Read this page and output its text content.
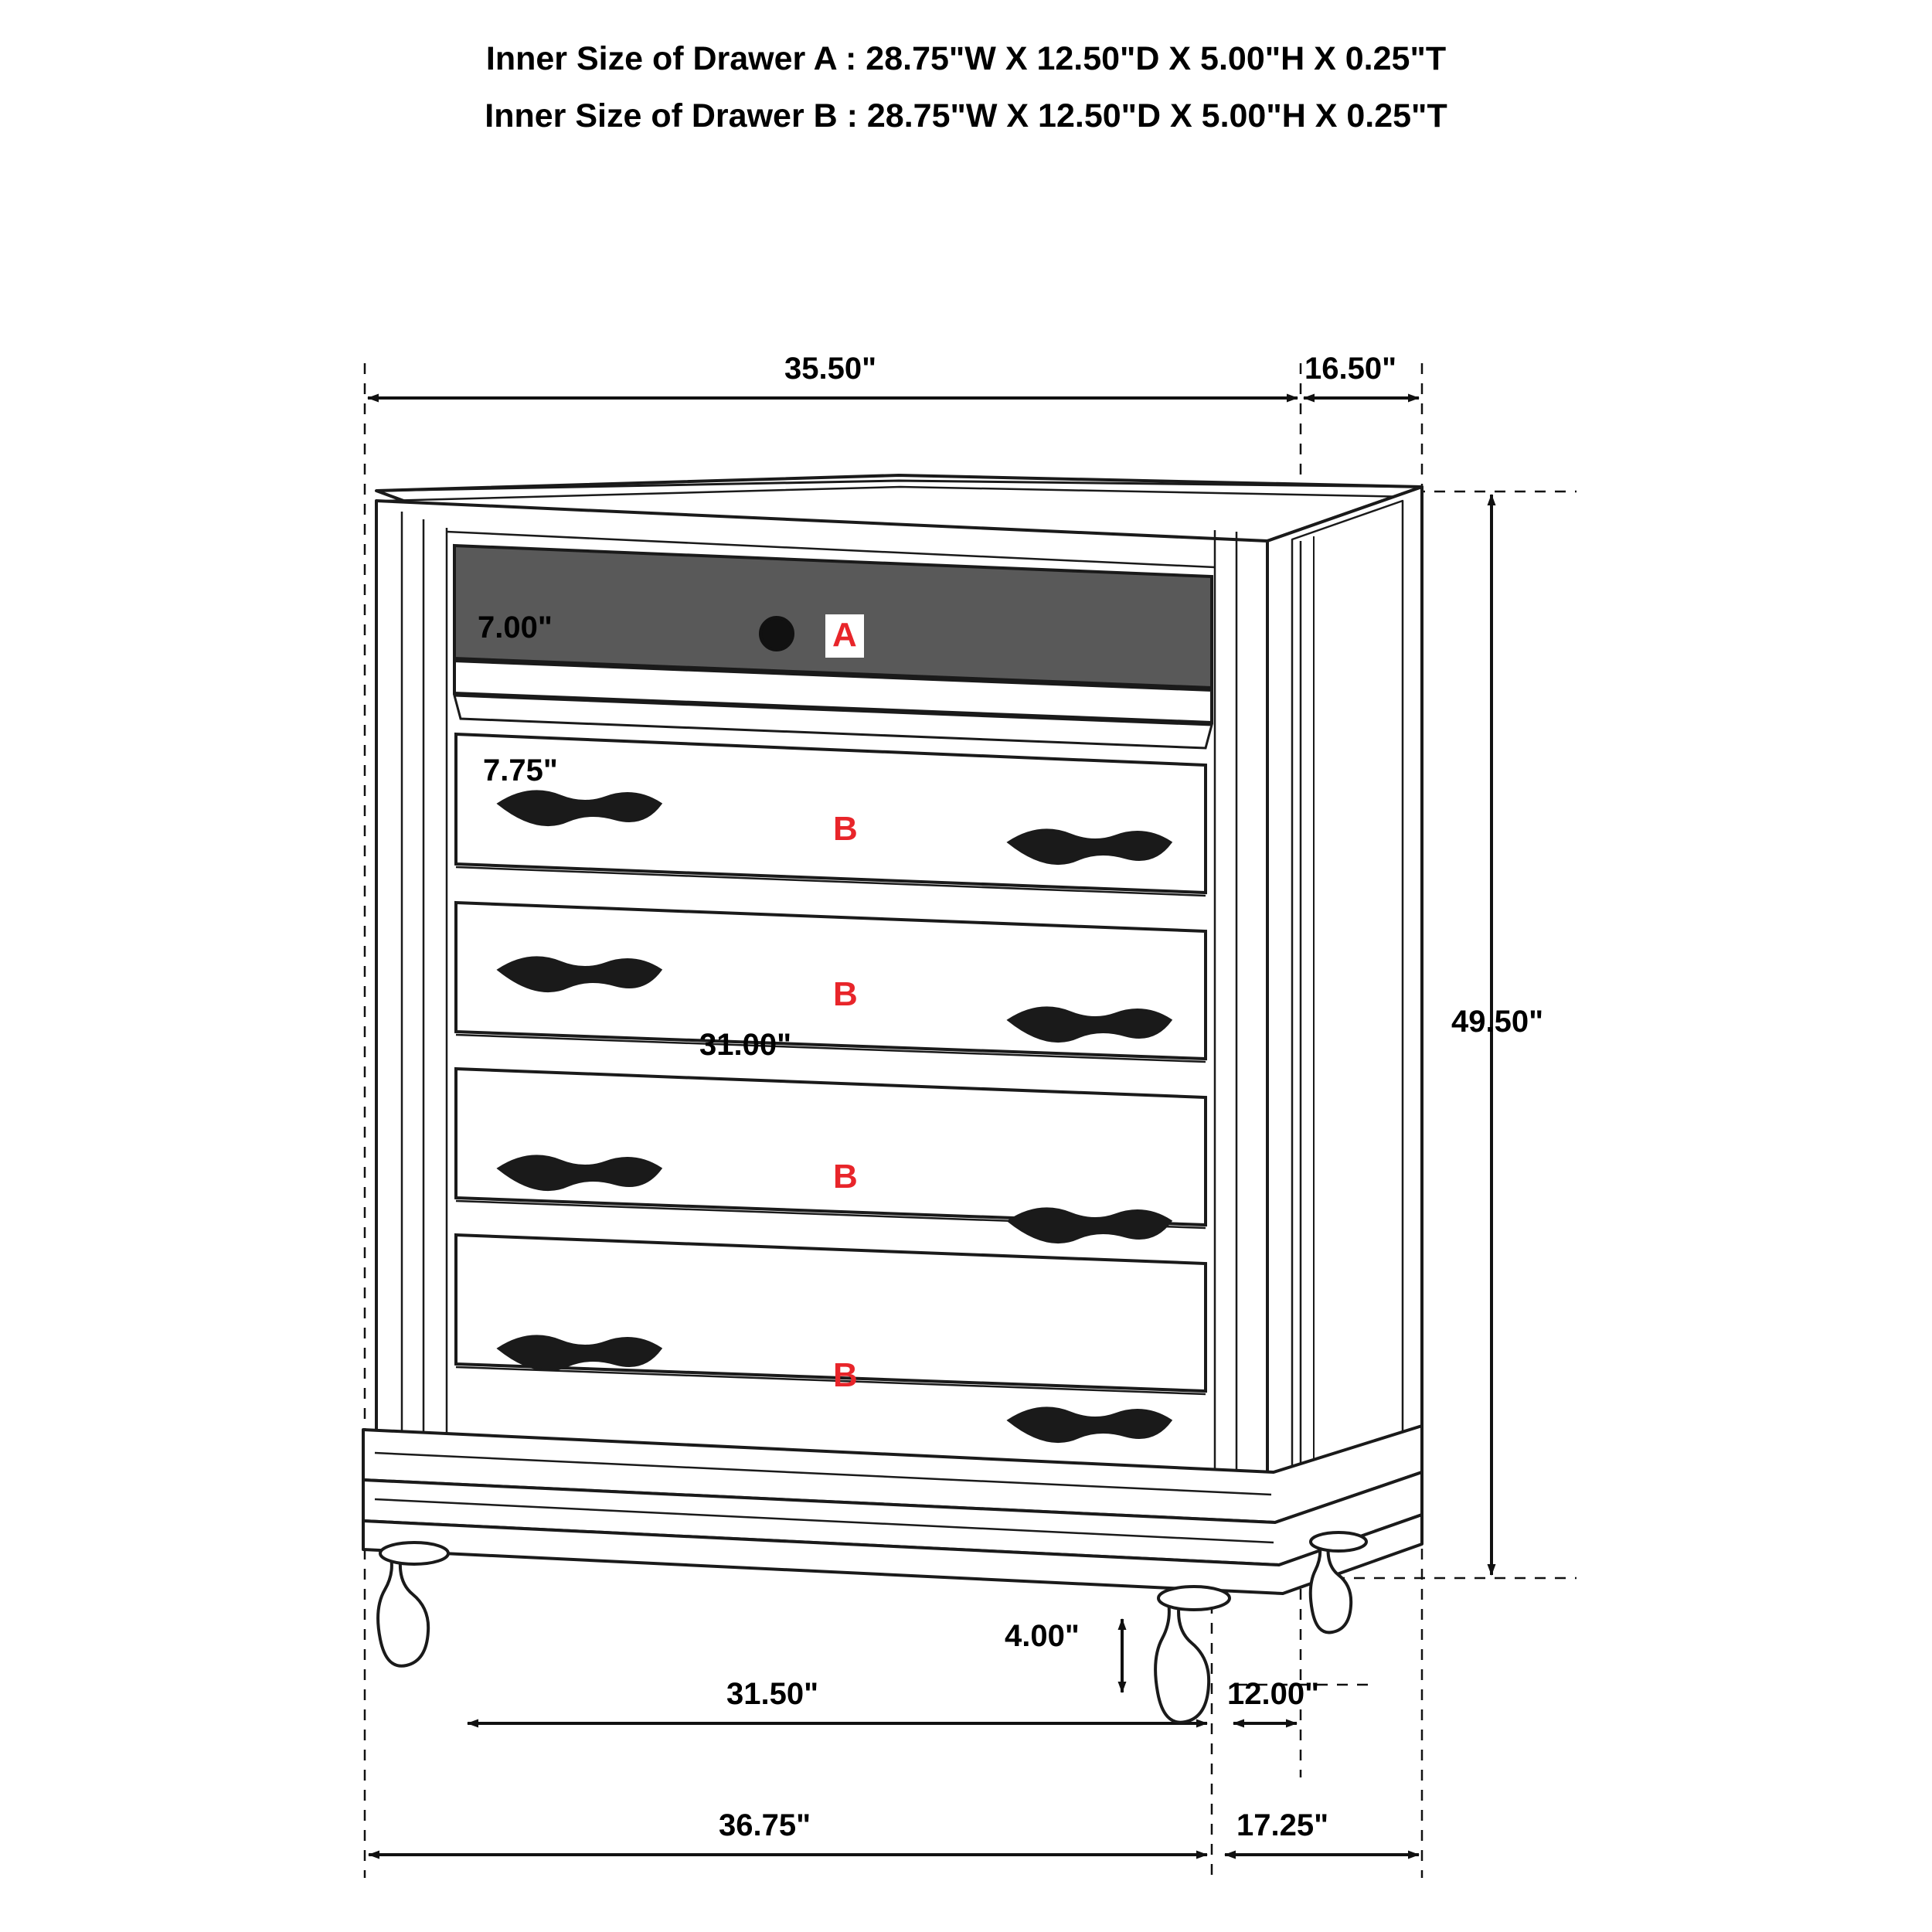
Inner Size of Drawer A : 28.75"W X 12.50"D X 5.00"H X 0.25"T
Inner Size of Drawer B : 28.75"W X 12.50"D X 5.00"H X 0.25"T
35.50"	16.50"
7.00"
7.75"
31.00"
49.50"
4.00"
31.50"	12.00"
36.75"	17.25"
A
B
B
B
B
